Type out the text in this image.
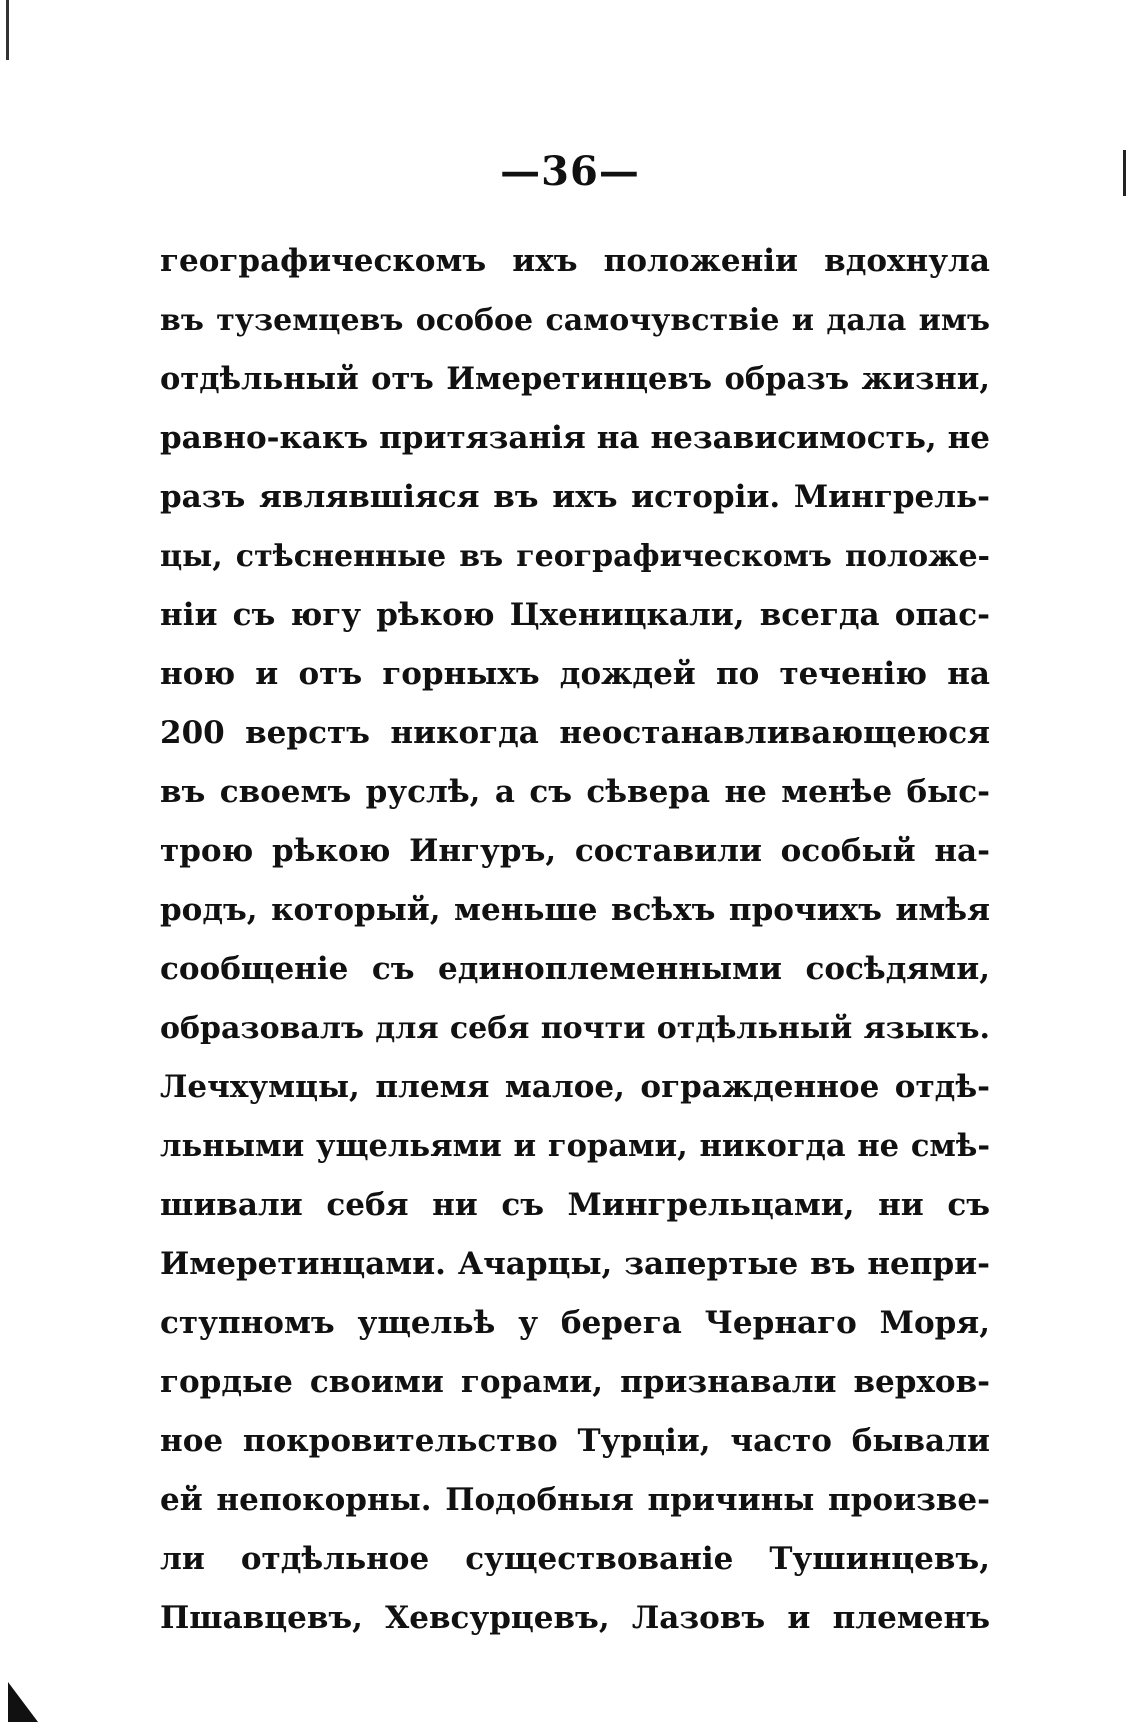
—36—
географическомъ ихъ положенiи вдохнула
въ туземцевъ особое самочувствiе и дала имъ
отдѣльный отъ Имеретинцевъ образъ жизни,
равно-какъ притязанiя на независимость, не
разъ являвшiяся въ ихъ исторiи. Мингрель-
цы, стѣсненные въ географическомъ положе-
нiи съ югу рѣкою Цхеницкали, всегда опас-
ною и отъ горныхъ дождей по теченiю на
200 верстъ никогда неостанавливающеюся
въ своемъ руслѣ, а съ сѣвера не менѣе быс-
трою рѣкою Ингуръ, составили особый на-
родъ, который, меньше всѣхъ прочихъ имѣя
сообщенiе съ единоплеменными сосѣдями,
образовалъ для себя почти отдѣльный языкъ.
Лечхумцы, племя малое, огражденное отдѣ-
льными ущельями и горами, никогда не смѣ-
шивали себя ни съ Мингрельцами, ни съ
Имеретинцами. Ачарцы, запертые въ непри-
ступномъ ущельѣ у берега Чернаго Моря,
гордые своими горами, признавали верхов-
ное покровительство Турцiи, часто бывали
ей непокорны. Подобныя причины произве-
ли отдѣльное существованiе Тушинцевъ,
Пшавцевъ, Хевсурцевъ, Лазовъ и племенъ
